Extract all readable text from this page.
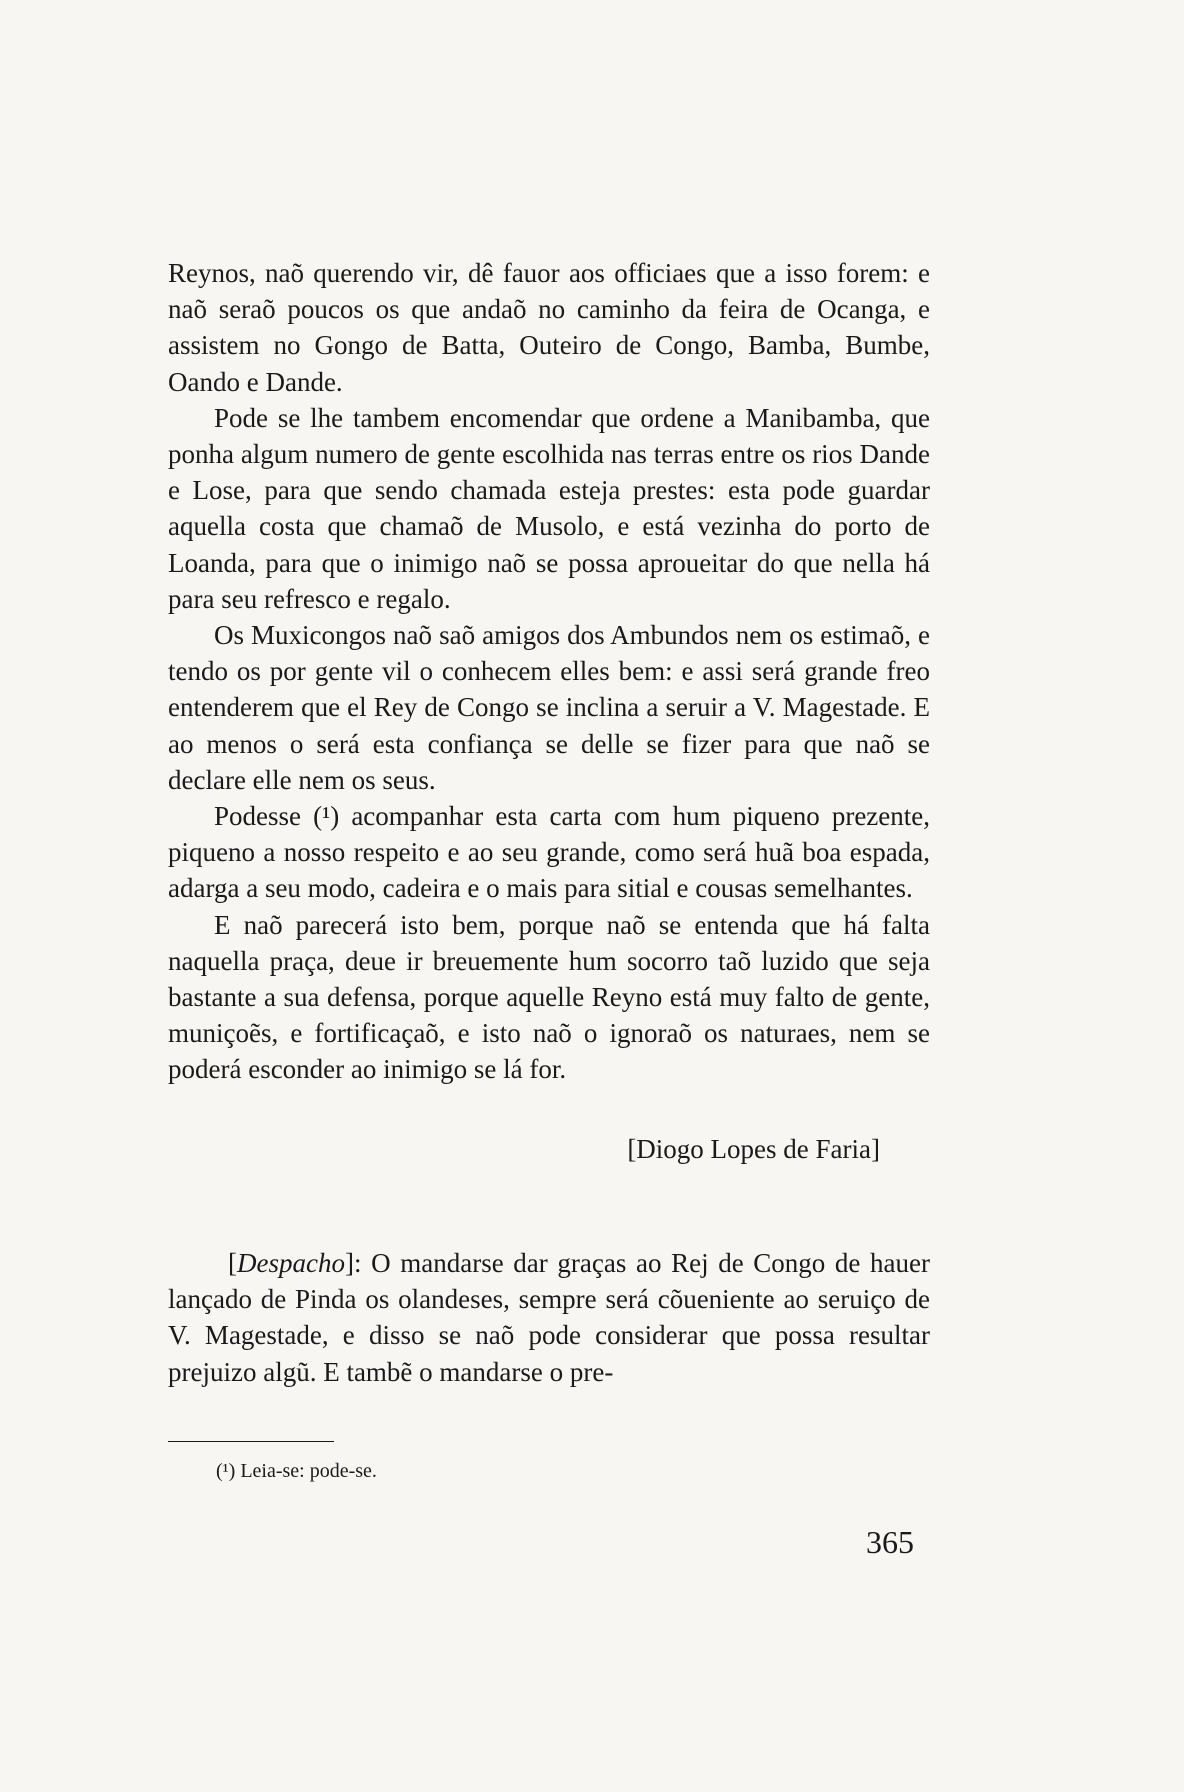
Reynos, naõ querendo vir, dê fauor aos officiaes que a isso forem: e naõ seraõ poucos os que andaõ no caminho da feira de Ocanga, e assistem no Gongo de Batta, Outeiro de Congo, Bamba, Bumbe, Oando e Dande.

Pode se lhe tambem encomendar que ordene a Manibamba, que ponha algum numero de gente escolhida nas terras entre os rios Dande e Lose, para que sendo chamada esteja prestes: esta pode guardar aquella costa que chamaõ de Musolo, e está vezinha do porto de Loanda, para que o inimigo naõ se possa aproueitar do que nella há para seu refresco e regalo.

Os Muxicongos naõ saõ amigos dos Ambundos nem os estimaõ, e tendo os por gente vil o conhecem elles bem: e assi será grande freo entenderem que el Rey de Congo se inclina a seruir a V. Magestade. E ao menos o será esta confiança se delle se fizer para que naõ se declare elle nem os seus.

Podesse (¹) acompanhar esta carta com hum piqueno prezente, piqueno a nosso respeito e ao seu grande, como será huã boa espada, adarga a seu modo, cadeira e o mais para sitial e cousas semelhantes.

E naõ parecerá isto bem, porque naõ se entenda que há falta naquella praça, deue ir breuemente hum socorro taõ luzido que seja bastante a sua defensa, porque aquelle Reyno está muy falto de gente, muniçoẽs, e fortificaçaõ, e isto naõ o ignoraõ os naturaes, nem se poderá esconder ao inimigo se lá for.

[Diogo Lopes de Faria]

[Despacho]: O mandarse dar graças ao Rej de Congo de hauer lançado de Pinda os olandeses, sempre será cõueniente ao seruiço de V. Magestade, e disso se naõ pode considerar que possa resultar prejuizo algũ. E tambẽ o mandarse o pre-

(¹) Leia-se: pode-se.
365
